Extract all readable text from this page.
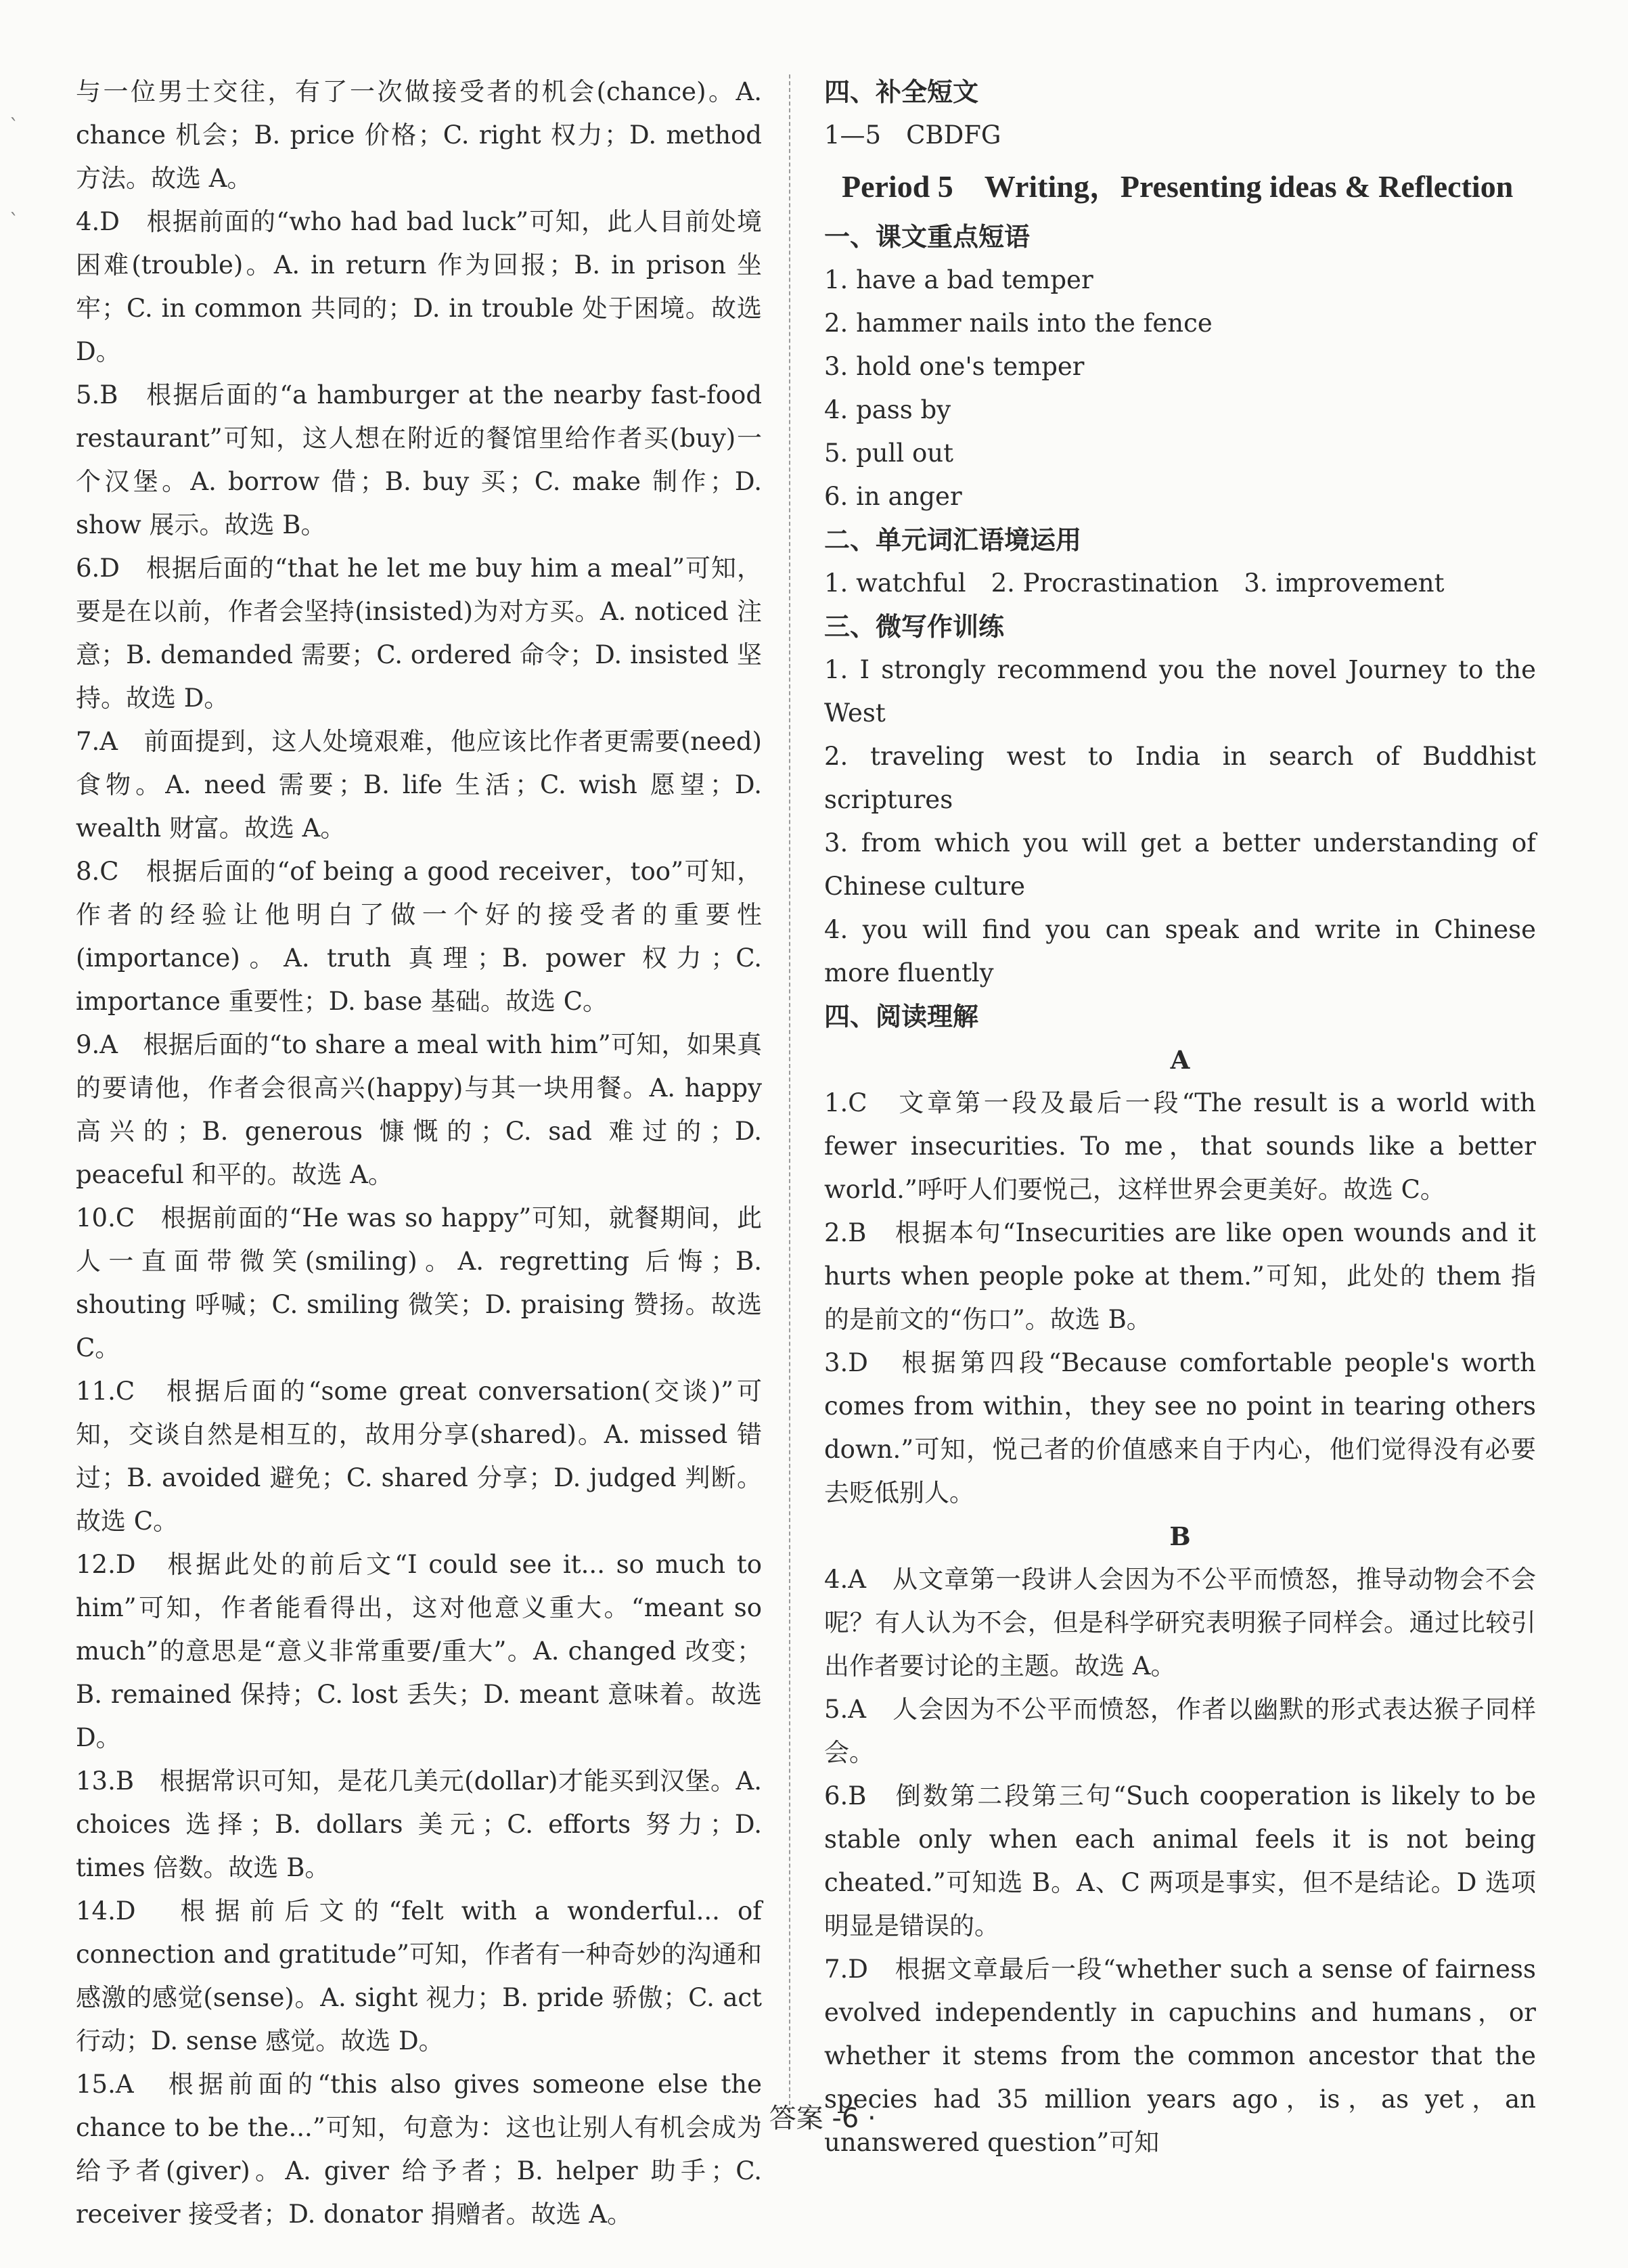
ˋ
ˋ

与一位男士交往，有了一次做接受者的机会(chance)。A. chance 机会；B. price 价格；C. right 权力；D. method 方法。故选 A。

4.D　根据前面的“who had bad luck”可知，此人目前处境困难(trouble)。A. in return 作为回报；B. in prison 坐牢；C. in common 共同的；D. in trouble 处于困境。故选 D。

5.B　根据后面的“a hamburger at the nearby fast-food restaurant”可知，这人想在附近的餐馆里给作者买(buy)一个汉堡。A. borrow 借；B. buy 买；C. make 制作；D. show 展示。故选 B。

6.D　根据后面的“that he let me buy him a meal”可知，要是在以前，作者会坚持(insisted)为对方买。A. noticed 注意；B. demanded 需要；C. ordered 命令；D. insisted 坚持。故选 D。

7.A　前面提到，这人处境艰难，他应该比作者更需要(need)食物。A. need 需要；B. life 生活；C. wish 愿望；D. wealth 财富。故选 A。

8.C　根据后面的“of being a good receiver，too”可知，作者的经验让他明白了做一个好的接受者的重要性(importance)。A. truth 真理；B. power 权力；C. importance 重要性；D. base 基础。故选 C。

9.A　根据后面的“to share a meal with him”可知，如果真的要请他，作者会很高兴(happy)与其一块用餐。A. happy 高兴的；B. generous 慷慨的；C. sad 难过的；D. peaceful 和平的。故选 A。

10.C　根据前面的“He was so happy”可知，就餐期间，此人一直面带微笑(smiling)。A. regretting 后悔；B. shouting 呼喊；C. smiling 微笑；D. praising 赞扬。故选 C。

11.C　根据后面的“some great conversation(交谈)”可知，交谈自然是相互的，故用分享(shared)。A. missed 错过；B. avoided 避免；C. shared 分享；D. judged 判断。故选 C。

12.D　根据此处的前后文“I could see it... so much to him”可知，作者能看得出，这对他意义重大。“meant so much”的意思是“意义非常重要/重大”。A. changed 改变；B. remained 保持；C. lost 丢失；D. meant 意味着。故选 D。

13.B　根据常识可知，是花几美元(dollar)才能买到汉堡。A. choices 选择；B. dollars 美元；C. efforts 努力；D. times 倍数。故选 B。

14.D　根据前后文的“felt with a wonderful... of connection and gratitude”可知，作者有一种奇妙的沟通和感激的感觉(sense)。A. sight 视力；B. pride 骄傲；C. act 行动；D. sense 感觉。故选 D。

15.A　根据前面的“this also gives someone else the chance to be the...”可知，句意为：这也让别人有机会成为给予者(giver)。A. giver 给予者；B. helper 助手；C. receiver 接受者；D. donator 捐赠者。故选 A。

四、补全短文

1—5　CBDFG

Period 5　Writing，Presenting ideas & Reflection

一、课文重点短语

1. have a bad temper

2. hammer nails into the fence

3. hold one's temper

4. pass by

5. pull out

6. in anger

二、单元词汇语境运用

1. watchful　2. Procrastination　3. improvement

三、微写作训练

1. I strongly recommend you the novel Journey to the West

2. traveling west to India in search of Buddhist scriptures

3. from which you will get a better understanding of Chinese culture

4. you will find you can speak and write in Chinese more fluently

四、阅读理解

A

1.C　文章第一段及最后一段“The result is a world with fewer insecurities. To me，that sounds like a better world.”呼吁人们要悦己，这样世界会更美好。故选 C。

2.B　根据本句“Insecurities are like open wounds and it hurts when people poke at them.”可知，此处的 them 指的是前文的“伤口”。故选 B。

3.D　根据第四段“Because comfortable people's worth comes from within，they see no point in tearing others down.”可知，悦己者的价值感来自于内心，他们觉得没有必要去贬低别人。

B

4.A　从文章第一段讲人会因为不公平而愤怒，推导动物会不会呢？有人认为不会，但是科学研究表明猴子同样会。通过比较引出作者要讨论的主题。故选 A。

5.A　人会因为不公平而愤怒，作者以幽默的形式表达猴子同样会。

6.B　倒数第二段第三句“Such cooperation is likely to be stable only when each animal feels it is not being cheated.”可知选 B。A、C 两项是事实，但不是结论。D 选项明显是错误的。

7.D　根据文章最后一段“whether such a sense of fairness evolved independently in capuchins and humans，or whether it stems from the common ancestor that the species had 35 million years ago，is，as yet，an unanswered question”可知

· 答案 -6 ·
